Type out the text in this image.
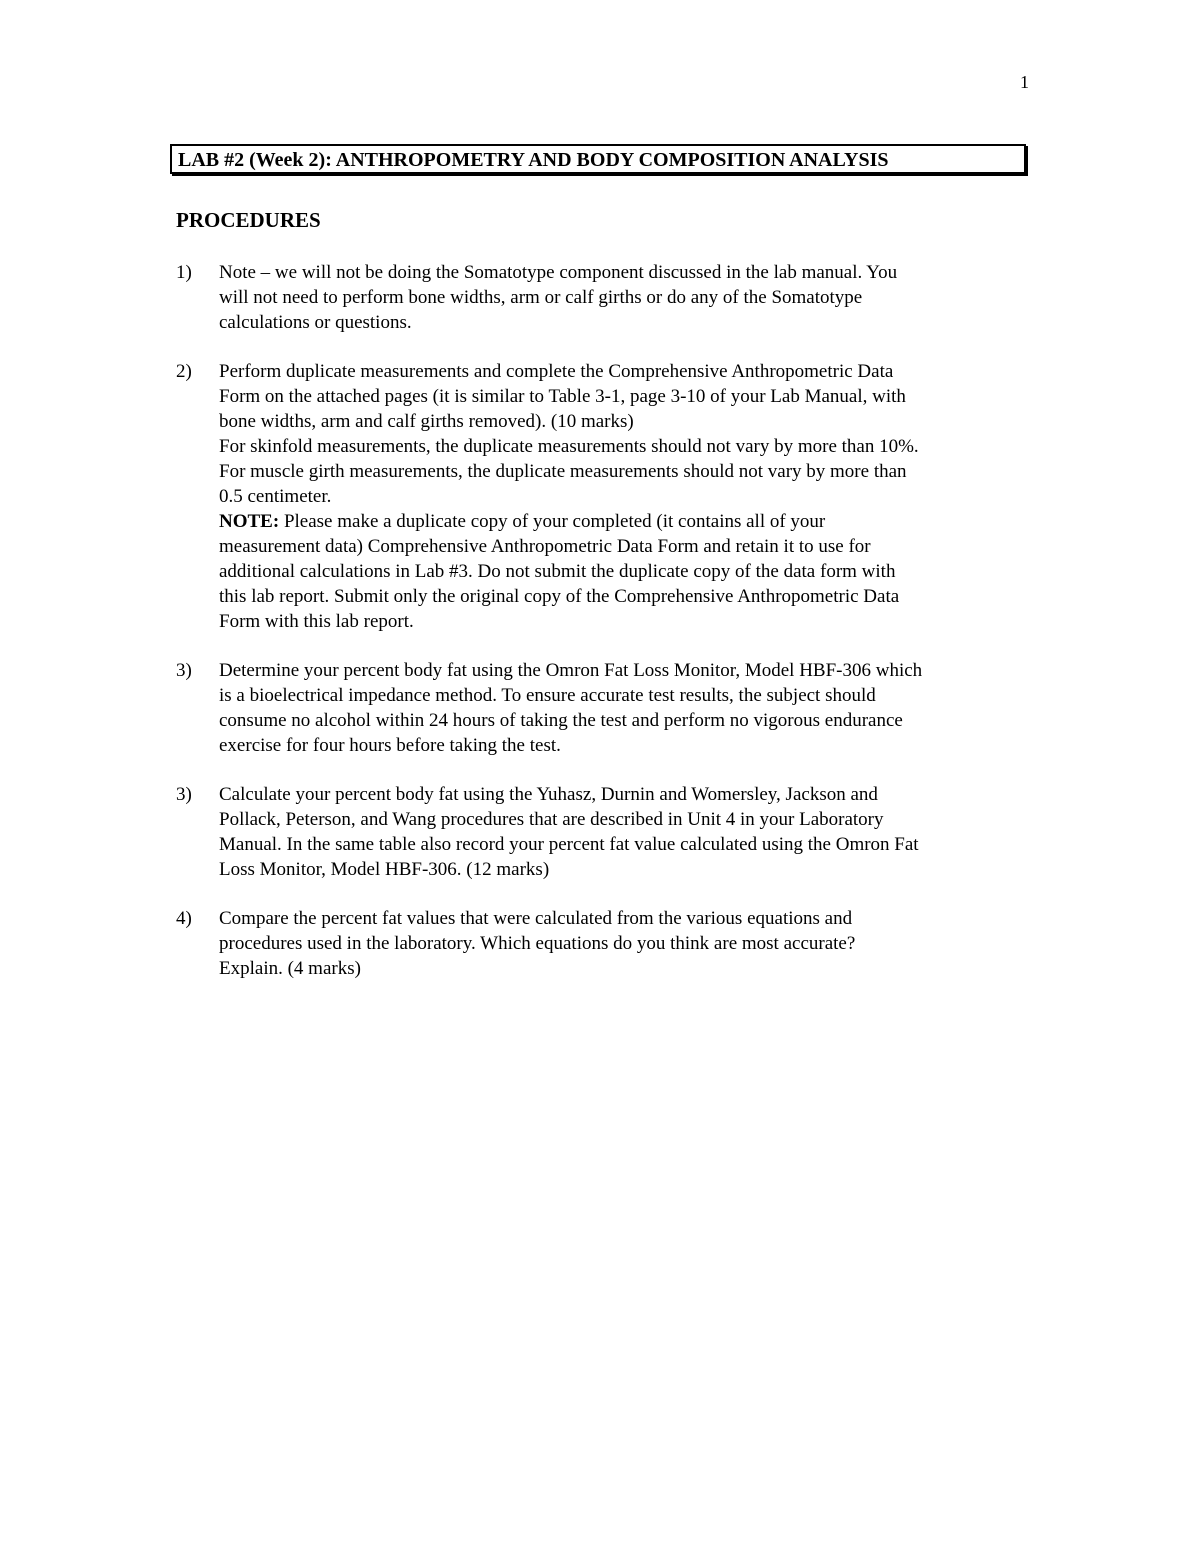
1
LAB #2 (Week 2): ANTHROPOMETRY AND BODY COMPOSITION ANALYSIS
PROCEDURES
1) Note – we will not be doing the Somatotype component discussed in the lab manual. You
will not need to perform bone widths, arm or calf girths or do any of the Somatotype
calculations or questions.
2) Perform duplicate measurements and complete the Comprehensive Anthropometric Data
Form on the attached pages (it is similar to Table 3-1, page 3-10 of your Lab Manual, with
bone widths, arm and calf girths removed). (10 marks)
For skinfold measurements, the duplicate measurements should not vary by more than 10%.
For muscle girth measurements, the duplicate measurements should not vary by more than
0.5 centimeter.
NOTE: Please make a duplicate copy of your completed (it contains all of your
measurement data) Comprehensive Anthropometric Data Form and retain it to use for
additional calculations in Lab #3. Do not submit the duplicate copy of the data form with
this lab report. Submit only the original copy of the Comprehensive Anthropometric Data
Form with this lab report.
3) Determine your percent body fat using the Omron Fat Loss Monitor, Model HBF-306 which
is a bioelectrical impedance method. To ensure accurate test results, the subject should
consume no alcohol within 24 hours of taking the test and perform no vigorous endurance
exercise for four hours before taking the test.
3) Calculate your percent body fat using the Yuhasz, Durnin and Womersley, Jackson and
Pollack, Peterson, and Wang procedures that are described in Unit 4 in your Laboratory
Manual. In the same table also record your percent fat value calculated using the Omron Fat
Loss Monitor, Model HBF-306. (12 marks)
4) Compare the percent fat values that were calculated from the various equations and
procedures used in the laboratory. Which equations do you think are most accurate?
Explain. (4 marks)
